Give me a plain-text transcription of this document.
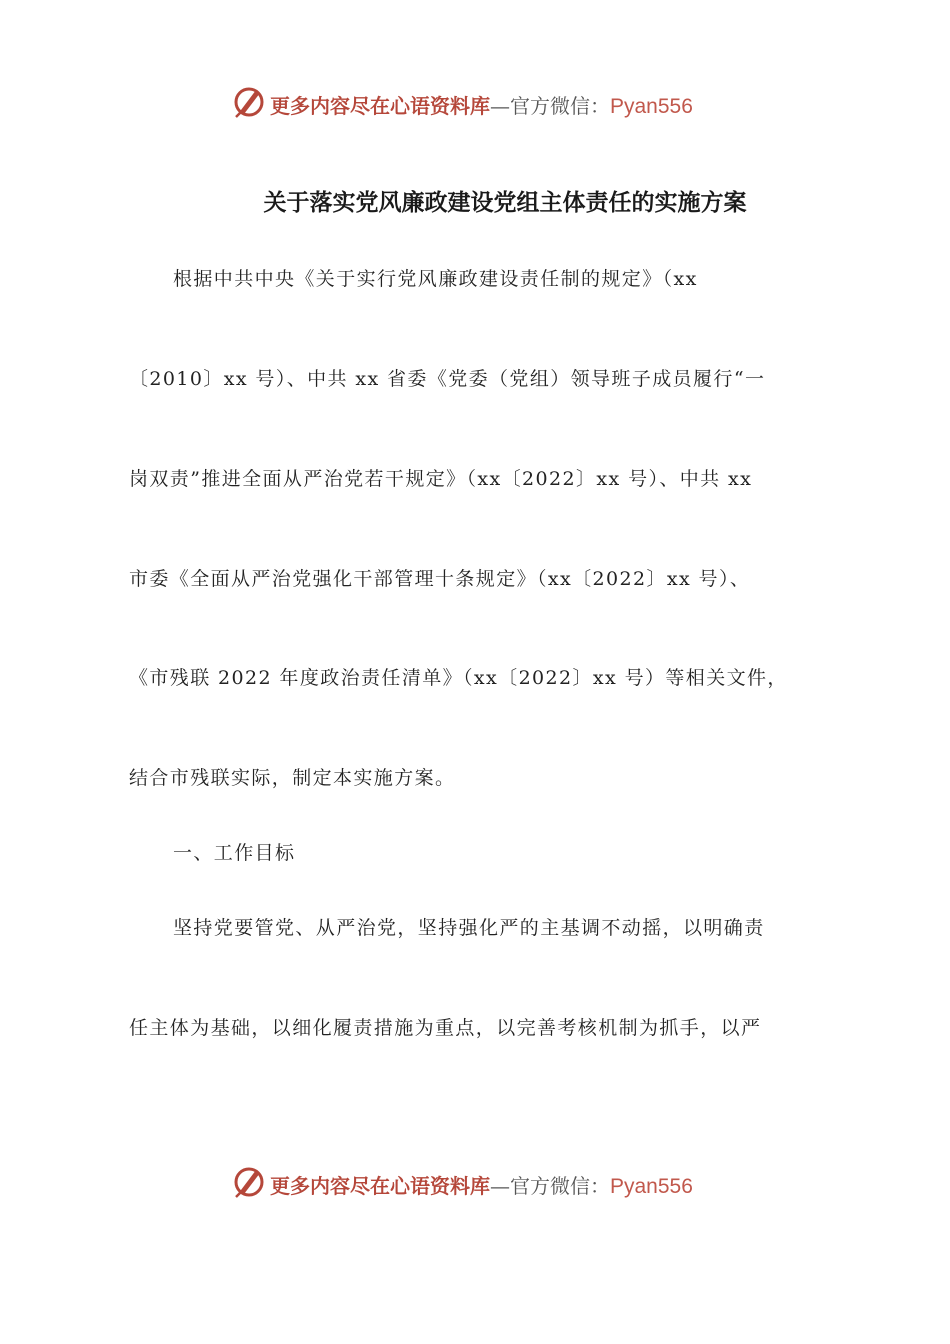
更多内容尽在心语资料库—官方微信：Pyan556
关于落实党风廉政建设党组主体责任的实施方案
根据中共中央《关于实行党风廉政建设责任制的规定》（xx
〔2010〕xx 号）、中共 xx 省委《党委（党组）领导班子成员履行“一
岗双责”推进全面从严治党若干规定》（xx〔2022〕xx 号）、中共 xx
市委《全面从严治党强化干部管理十条规定》（xx〔2022〕xx 号）、
《市残联 2022 年度政治责任清单》（xx〔2022〕xx 号）等相关文件，
结合市残联实际，制定本实施方案。
一、工作目标
坚持党要管党、从严治党，坚持强化严的主基调不动摇，以明确责
任主体为基础，以细化履责措施为重点，以完善考核机制为抓手，以严
更多内容尽在心语资料库—官方微信：Pyan556
